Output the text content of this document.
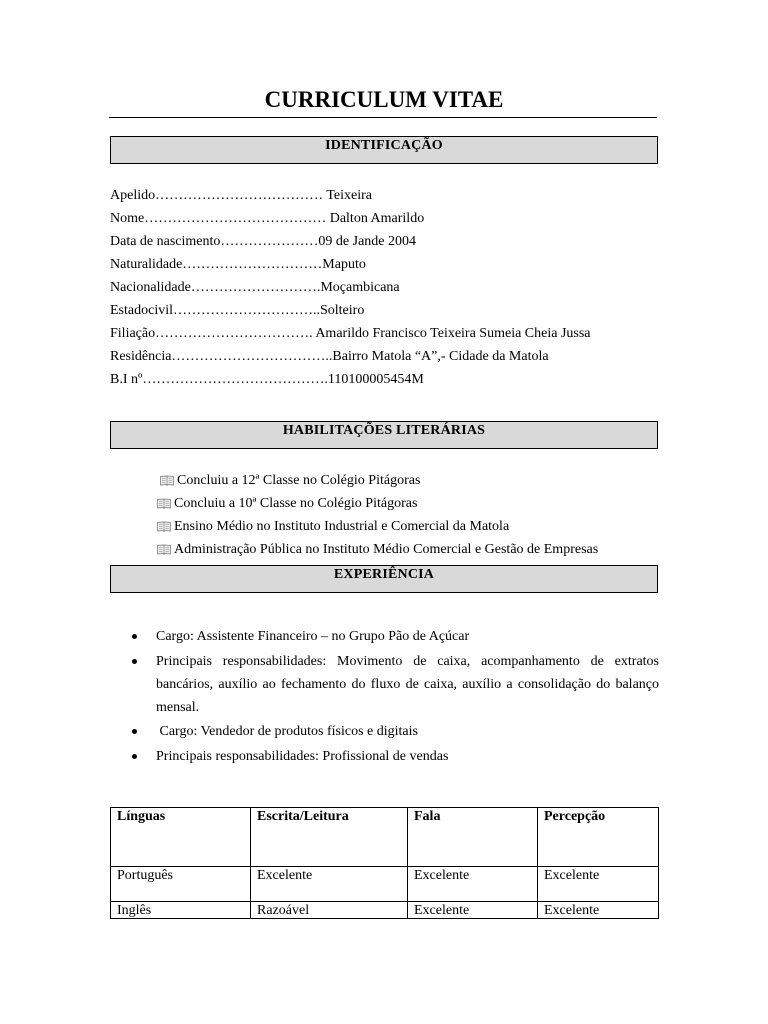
CURRICULUM VITAE
IDENTIFICAÇÃO
Apelido……………………………… Teixeira
Nome………………………………… Dalton Amarildo
Data de nascimento…………………09 de Jande 2004
Naturalidade…………………………Maputo
Nacionalidade……………………….Moçambicana
Estadocivil…………………………..Solteiro
Filiação……………………………. Amarildo Francisco Teixeira Sumeia Cheia Jussa
Residência……………………………..Bairro Matola “A”,- Cidade da Matola
B.I nº………………………………….110100005454M
HABILITAÇÕES LITERÁRIAS
Concluiu a 12ª Classe no Colégio Pitágoras
Concluiu a 10ª Classe no Colégio Pitágoras
Ensino Médio no Instituto Industrial e Comercial da Matola
Administração Pública no Instituto Médio Comercial e Gestão de Empresas
EXPERIÊNCIA
Cargo: Assistente Financeiro – no Grupo Pão de Açúcar
Principais responsabilidades: Movimento de caixa, acompanhamento de extratos bancários, auxílio ao fechamento do fluxo de caixa, auxílio a consolidação do balanço mensal.
Cargo: Vendedor de produtos físicos e digitais
Principais responsabilidades: Profissional de vendas
Línguas	Escrita/Leitura	Fala	Percepção
Português	Excelente	Excelente	Excelente
Inglês	Razoável	Excelente	Excelente
